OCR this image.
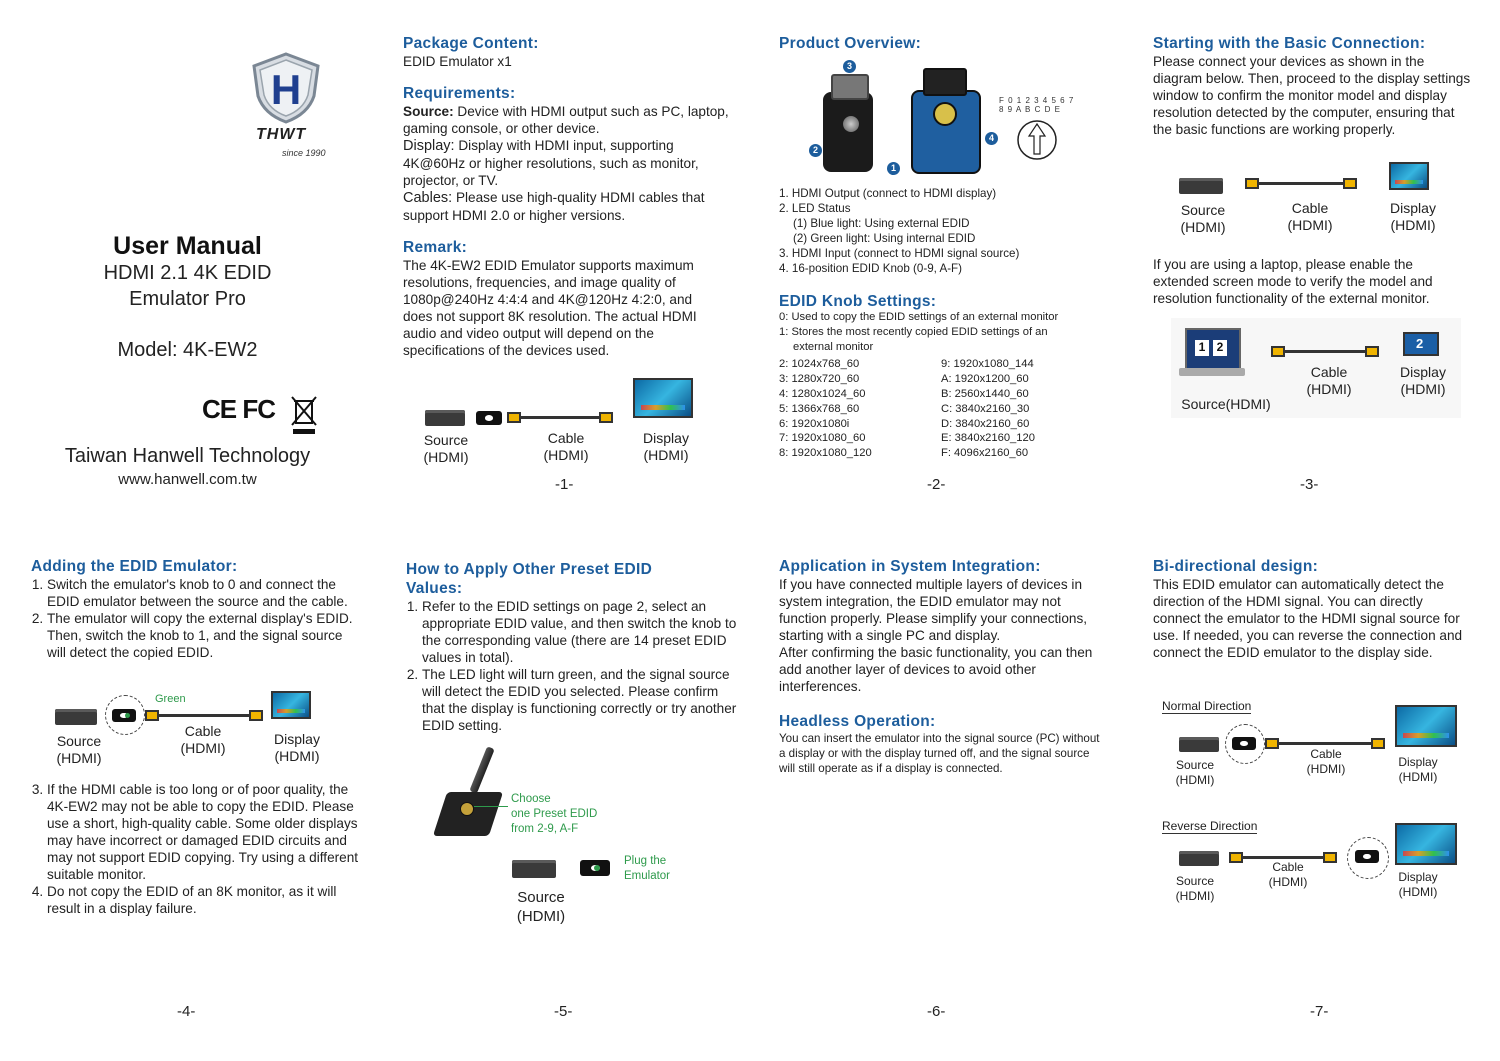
H
THWT
since 1990
User Manual
HDMI 2.1 4K EDID
Emulator Pro
Model: 4K-EW2
CE FC
Taiwan Hanwell Technology
www.hanwell.com.tw

Package Content:

EDID Emulator x1

Requirements:

Source: Device with HDMI output such as PC, laptop, gaming console, or other device.

Display: Display with HDMI input, supporting 4K@60Hz or higher resolutions, such as monitor, projector, or TV.

Cables: Please use high-quality HDMI cables that support HDMI 2.0 or higher versions.

Remark:

The 4K-EW2 EDID Emulator supports maximum resolutions, frequencies, and image quality of 1080p@240Hz 4:4:4 and 4K@120Hz 4:2:0, and does not support 8K resolution. The actual HDMI audio and video output will depend on the specifications of the devices used.

Source
(HDMI)
Cable
(HDMI)
Display
(HDMI)
-1-

Product Overview:

3
2
1
4
F 0 1 2 3 4 5 6 7 8 9 A B C D E

1. HDMI Output (connect to HDMI display)

2. LED Status

(1) Blue light: Using external EDID

(2) Green light: Using internal EDID

3. HDMI Input (connect to HDMI signal source)

4. 16-position EDID Knob (0-9, A-F)

EDID Knob Settings:

0: Used to copy the EDID settings of an external monitor

1: Stores the most recently copied EDID settings of an

external monitor

2: 1024x768_60	9: 1920x1080_144
3: 1280x720_60	A: 1920x1200_60
4: 1280x1024_60	B: 2560x1440_60
5: 1366x768_60	C: 3840x2160_30
6: 1920x1080i	D: 3840x2160_60
7: 1920x1080_60	E: 3840x2160_120
8: 1920x1080_120	F: 4096x2160_60
-2-

Starting with the Basic Connection:

Please connect your devices as shown in the diagram below. Then, proceed to the display settings window to confirm the monitor model and display resolution detected by the computer, ensuring that the basic functions are working properly.

Source
(HDMI)
Cable
(HDMI)
Display
(HDMI)

If you are using a laptop, please enable the extended screen mode to verify the model and resolution functionality of the external monitor.

1 2	2
Source(HDMI)
Cable
(HDMI)
Display
(HDMI)
-3-

Adding the EDID Emulator:

1. Switch the emulator's knob to 0 and connect the EDID emulator between the source and the cable.
2. The emulator will copy the external display's EDID. Then, switch the knob to 1, and the signal source will detect the copied EDID.
Green
Source
(HDMI)
Cable
(HDMI)
Display
(HDMI)
3. If the HDMI cable is too long or of poor quality, the 4K-EW2 may not be able to copy the EDID. Please use a short, high-quality cable. Some older displays may have incorrect or damaged EDID circuits and may not support EDID copying. Try using a different suitable monitor.
4. Do not copy the EDID of an 8K monitor, as it will result in a display failure.
-4-

How to Apply Other Preset EDID

Values:

1. Refer to the EDID settings on page 2, select an appropriate EDID value, and then switch the knob to the corresponding value (there are 14 preset EDID values in total).
2. The LED light will turn green, and the signal source will detect the EDID you selected. Please confirm that the display is functioning correctly or try another EDID setting.
Choose
one Preset EDID
from 2-9, A-F
Plug the
Emulator
Source
(HDMI)
-5-

Application in System Integration:

If you have connected multiple layers of devices in system integration, the EDID emulator may not function properly. Please simplify your connections, starting with a single PC and display.

After confirming the basic functionality, you can then add another layer of devices to avoid other interferences.

Headless Operation:

You can insert the emulator into the signal source (PC) without a display or with the display turned off, and the signal source will still operate as if a display is connected.

-6-

Bi-directional design:

This EDID emulator can automatically detect the direction of the HDMI signal. You can directly connect the emulator to the HDMI signal source for use. If needed, you can reverse the connection and connect the EDID emulator to the display side.

Normal Direction
Source
(HDMI)
Cable
(HDMI)	Display
(HDMI)
Reverse Direction
Source
(HDMI)
Cable
(HDMI)	Display
(HDMI)
-7-
